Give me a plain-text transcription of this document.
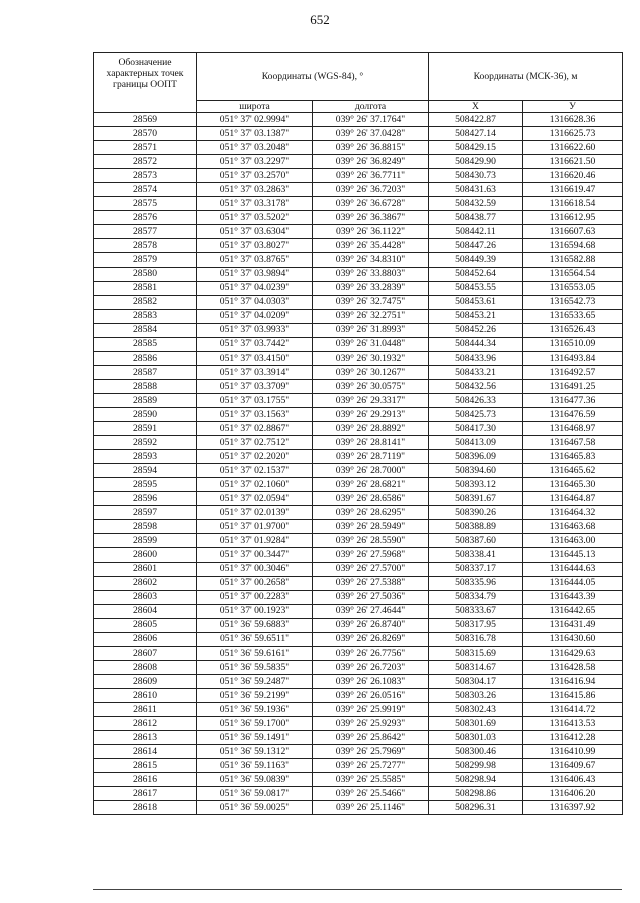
652
Обозначение характерных точек границы ООПТ	Координаты (WGS-84), °		Координаты (МСК-36), м	
	широта	долгота	X	У
28569	051° 37' 02.9994"	039° 26' 37.1764"	508422.87	1316628.36
28570	051° 37' 03.1387"	039° 26' 37.0428"	508427.14	1316625.73
28571	051° 37' 03.2048"	039° 26' 36.8815"	508429.15	1316622.60
28572	051° 37' 03.2297"	039° 26' 36.8249"	508429.90	1316621.50
28573	051° 37' 03.2570"	039° 26' 36.7711"	508430.73	1316620.46
28574	051° 37' 03.2863"	039° 26' 36.7203"	508431.63	1316619.47
28575	051° 37' 03.3178"	039° 26' 36.6728"	508432.59	1316618.54
28576	051° 37' 03.5202"	039° 26' 36.3867"	508438.77	1316612.95
28577	051° 37' 03.6304"	039° 26' 36.1122"	508442.11	1316607.63
28578	051° 37' 03.8027"	039° 26' 35.4428"	508447.26	1316594.68
28579	051° 37' 03.8765"	039° 26' 34.8310"	508449.39	1316582.88
28580	051° 37' 03.9894"	039° 26' 33.8803"	508452.64	1316564.54
28581	051° 37' 04.0239"	039° 26' 33.2839"	508453.55	1316553.05
28582	051° 37' 04.0303"	039° 26' 32.7475"	508453.61	1316542.73
28583	051° 37' 04.0209"	039° 26' 32.2751"	508453.21	1316533.65
28584	051° 37' 03.9933"	039° 26' 31.8993"	508452.26	1316526.43
28585	051° 37' 03.7442"	039° 26' 31.0448"	508444.34	1316510.09
28586	051° 37' 03.4150"	039° 26' 30.1932"	508433.96	1316493.84
28587	051° 37' 03.3914"	039° 26' 30.1267"	508433.21	1316492.57
28588	051° 37' 03.3709"	039° 26' 30.0575"	508432.56	1316491.25
28589	051° 37' 03.1755"	039° 26' 29.3317"	508426.33	1316477.36
28590	051° 37' 03.1563"	039° 26' 29.2913"	508425.73	1316476.59
28591	051° 37' 02.8867"	039° 26' 28.8892"	508417.30	1316468.97
28592	051° 37' 02.7512"	039° 26' 28.8141"	508413.09	1316467.58
28593	051° 37' 02.2020"	039° 26' 28.7119"	508396.09	1316465.83
28594	051° 37' 02.1537"	039° 26' 28.7000"	508394.60	1316465.62
28595	051° 37' 02.1060"	039° 26' 28.6821"	508393.12	1316465.30
28596	051° 37' 02.0594"	039° 26' 28.6586"	508391.67	1316464.87
28597	051° 37' 02.0139"	039° 26' 28.6295"	508390.26	1316464.32
28598	051° 37' 01.9700"	039° 26' 28.5949"	508388.89	1316463.68
28599	051° 37' 01.9284"	039° 26' 28.5590"	508387.60	1316463.00
28600	051° 37' 00.3447"	039° 26' 27.5968"	508338.41	1316445.13
28601	051° 37' 00.3046"	039° 26' 27.5700"	508337.17	1316444.63
28602	051° 37' 00.2658"	039° 26' 27.5388"	508335.96	1316444.05
28603	051° 37' 00.2283"	039° 26' 27.5036"	508334.79	1316443.39
28604	051° 37' 00.1923"	039° 26' 27.4644"	508333.67	1316442.65
28605	051° 36' 59.6883"	039° 26' 26.8740"	508317.95	1316431.49
28606	051° 36' 59.6511"	039° 26' 26.8269"	508316.78	1316430.60
28607	051° 36' 59.6161"	039° 26' 26.7756"	508315.69	1316429.63
28608	051° 36' 59.5835"	039° 26' 26.7203"	508314.67	1316428.58
28609	051° 36' 59.2487"	039° 26' 26.1083"	508304.17	1316416.94
28610	051° 36' 59.2199"	039° 26' 26.0516"	508303.26	1316415.86
28611	051° 36' 59.1936"	039° 26' 25.9919"	508302.43	1316414.72
28612	051° 36' 59.1700"	039° 26' 25.9293"	508301.69	1316413.53
28613	051° 36' 59.1491"	039° 26' 25.8642"	508301.03	1316412.28
28614	051° 36' 59.1312"	039° 26' 25.7969"	508300.46	1316410.99
28615	051° 36' 59.1163"	039° 26' 25.7277"	508299.98	1316409.67
28616	051° 36' 59.0839"	039° 26' 25.5585"	508298.94	1316406.43
28617	051° 36' 59.0817"	039° 26' 25.5466"	508298.86	1316406.20
28618	051° 36' 59.0025"	039° 26' 25.1146"	508296.31	1316397.92
